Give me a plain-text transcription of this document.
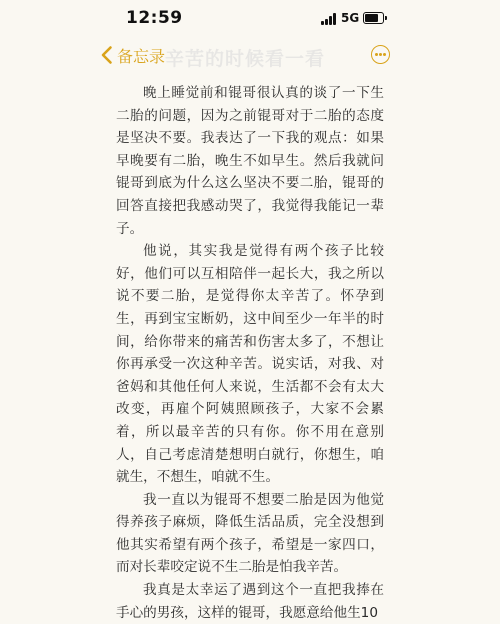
12:59	5G
辛苦的时候看一看
备忘录

晚上睡觉前和锟哥很认真的谈了一下生二胎的问题，因为之前锟哥对于二胎的态度是坚决不要。我表达了一下我的观点：如果早晚要有二胎，晚生不如早生。然后我就问锟哥到底为什么这么坚决不要二胎，锟哥的回答直接把我感动哭了，我觉得我能记一辈子。

他说，其实我是觉得有两个孩子比较好，他们可以互相陪伴一起长大，我之所以说不要二胎，是觉得你太辛苦了。怀孕到生，再到宝宝断奶，这中间至少一年半的时间，给你带来的痛苦和伤害太多了，不想让你再承受一次这种辛苦。说实话，对我、对爸妈和其他任何人来说，生活都不会有太大改变，再雇个阿姨照顾孩子，大家不会累着，所以最辛苦的只有你。你不用在意别人，自己考虑清楚想明白就行，你想生，咱就生，不想生，咱就不生。

我一直以为锟哥不想要二胎是因为他觉得养孩子麻烦，降低生活品质，完全没想到他其实希望有两个孩子，希望是一家四口，而对长辈咬定说不生二胎是怕我辛苦。

我真是太幸运了遇到这个一直把我捧在手心的男孩，这样的锟哥，我愿意给他生10
